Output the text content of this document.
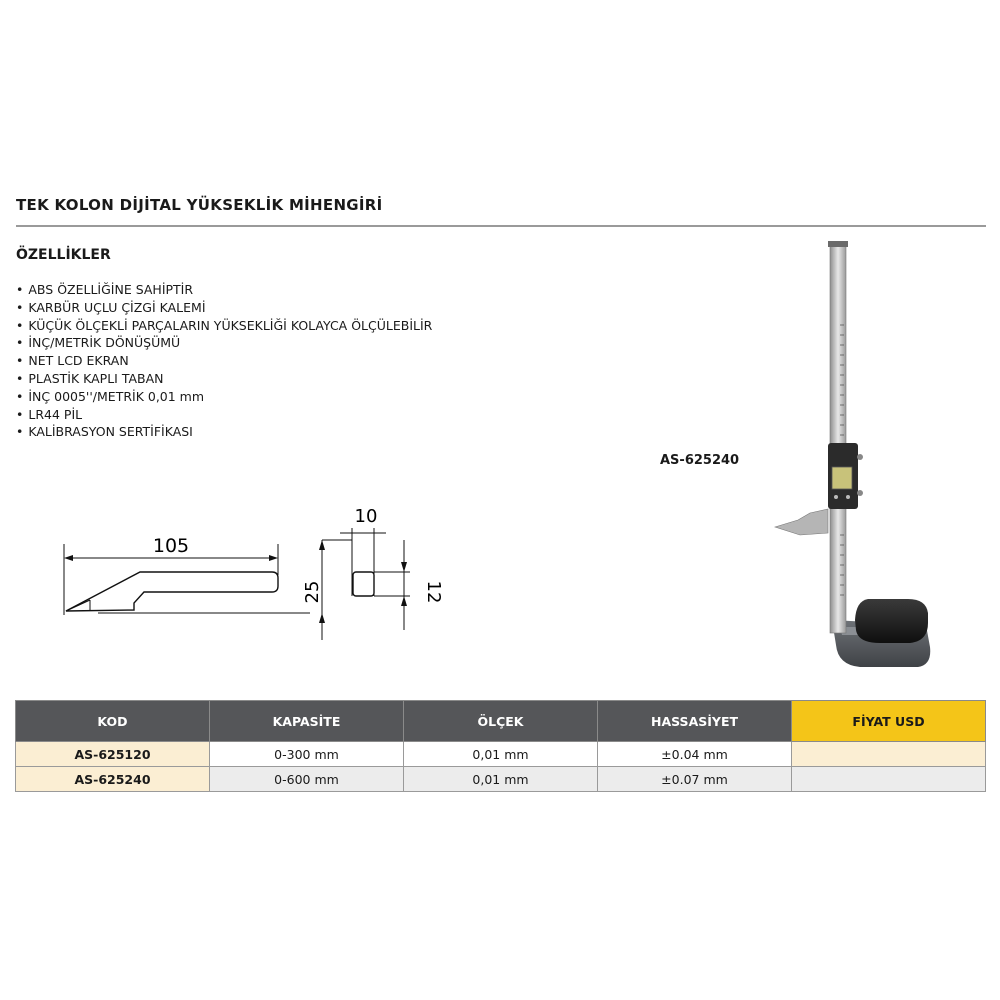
TEK KOLON DİJİTAL YÜKSEKLİK MİHENGİRİ
ÖZELLİKLER
• ABS ÖZELLİĞİNE SAHİPTİR
• KARBÜR UÇLU ÇİZGİ KALEMİ
• KÜÇÜK ÖLÇEKLİ PARÇALARIN YÜKSEKLİĞİ KOLAYCA ÖLÇÜLEBİLİR
• İNÇ/METRİK DÖNÜŞÜMÜ
• NET LCD EKRAN
• PLASTİK KAPLI TABAN
• İNÇ 0005''/METRİK 0,01 mm
• LR44 PİL
• KALİBRASYON SERTİFİKASI
AS-625240
105
25
10
12
KOD	KAPASİTE	ÖLÇEK	HASSASİYET	FİYAT USD
AS-625120	0-300 mm	0,01 mm	±0.04 mm	
AS-625240	0-600 mm	0,01 mm	±0.07 mm	
